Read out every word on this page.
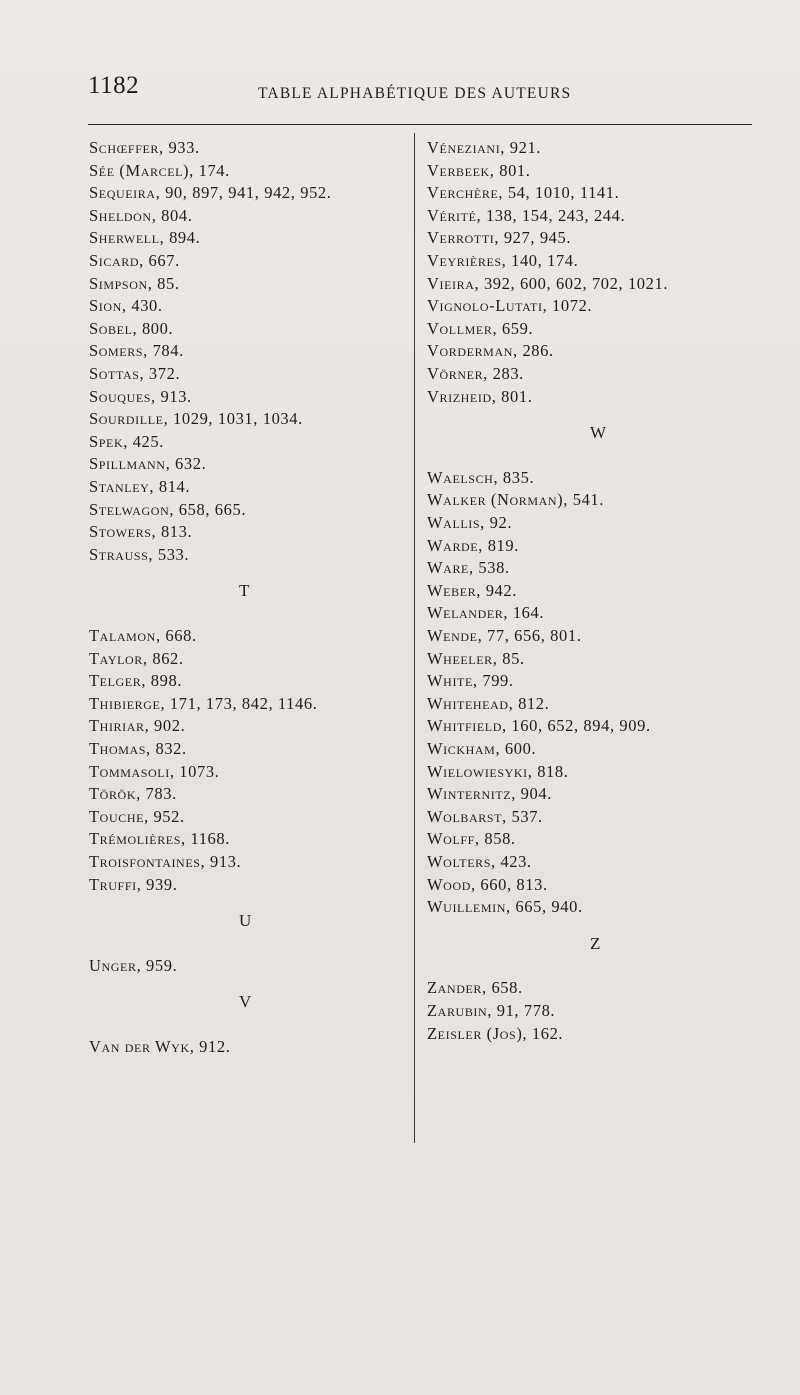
1182	TABLE ALPHABÉTIQUE DES AUTEURS
Schœffer, 933.
Sée (Marcel), 174.
Sequeira, 90, 897, 941, 942, 952.
Sheldon, 804.
Sherwell, 894.
Sicard, 667.
Simpson, 85.
Sion, 430.
Sobel, 800.
Somers, 784.
Sottas, 372.
Souques, 913.
Sourdille, 1029, 1031, 1034.
Spek, 425.
Spillmann, 632.
Stanley, 814.
Stelwagon, 658, 665.
Stowers, 813.
Strauss, 533.
T
Talamon, 668.
Taylor, 862.
Telger, 898.
Thibierge, 171, 173, 842, 1146.
Thiriar, 902.
Thomas, 832.
Tommasoli, 1073.
Török, 783.
Touche, 952.
Trémolières, 1168.
Troisfontaines, 913.
Truffi, 939.
U
Unger, 959.
V
Van der Wyk, 912.
Véneziani, 921.
Verbeek, 801.
Verchère, 54, 1010, 1141.
Vérité, 138, 154, 243, 244.
Verrotti, 927, 945.
Veyrières, 140, 174.
Vieira, 392, 600, 602, 702, 1021.
Vignolo-Lutati, 1072.
Vollmer, 659.
Vorderman, 286.
Vörner, 283.
Vrizheid, 801.
W
Waelsch, 835.
Walker (Norman), 541.
Wallis, 92.
Warde, 819.
Ware, 538.
Weber, 942.
Welander, 164.
Wende, 77, 656, 801.
Wheeler, 85.
White, 799.
Whitehead, 812.
Whitfield, 160, 652, 894, 909.
Wickham, 600.
Wielowiesyki, 818.
Winternitz, 904.
Wolbarst, 537.
Wolff, 858.
Wolters, 423.
Wood, 660, 813.
Wuillemin, 665, 940.
Z
Zander, 658.
Zarubin, 91, 778.
Zeisler (Jos), 162.
